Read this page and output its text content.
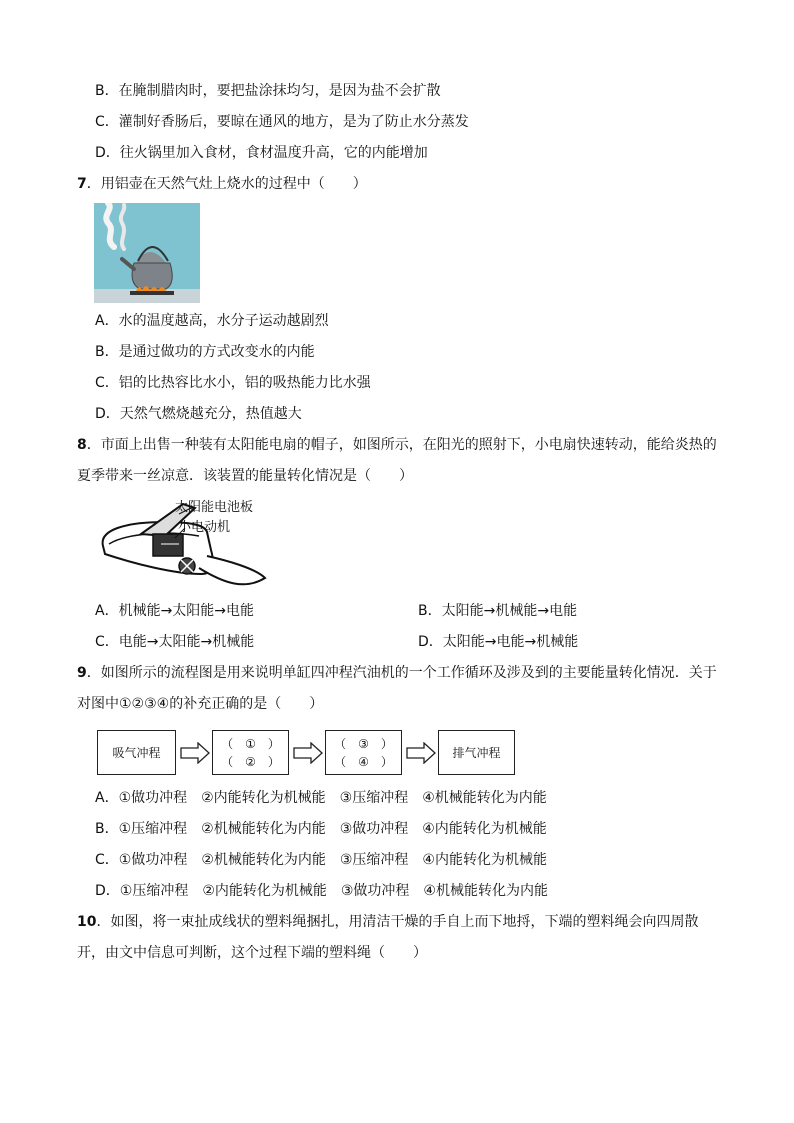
B．在腌制腊肉时，要把盐涂抹均匀，是因为盐不会扩散
C．灌制好香肠后，要晾在通风的地方，是为了防止水分蒸发
D．往火锅里加入食材，食材温度升高，它的内能增加
7．用铝壶在天然气灶上烧水的过程中（　　）
A．水的温度越高，水分子运动越剧烈
B．是通过做功的方式改变水的内能
C．铝的比热容比水小，铝的吸热能力比水强
D．天然气燃烧越充分，热值越大
8．市面上出售一种装有太阳能电扇的帽子，如图所示，在阳光的照射下，小电扇快速转动，能给炎热的
夏季带来一丝凉意．该装置的能量转化情况是（　　）
太阳能电池板
小电动机
A．机械能→太阳能→电能	B．太阳能→机械能→电能
C．电能→太阳能→机械能	D．太阳能→电能→机械能
9．如图所示的流程图是用来说明单缸四冲程汽油机的一个工作循环及涉及到的主要能量转化情况．关于
对图中①②③④的补充正确的是（　　）
吸气冲程
（　①　）
（　②　）
（　③　）
（　④　）
排气冲程
A．①做功冲程　②内能转化为机械能　③压缩冲程　④机械能转化为内能
B．①压缩冲程　②机械能转化为内能　③做功冲程　④内能转化为机械能
C．①做功冲程　②机械能转化为内能　③压缩冲程　④内能转化为机械能
D．①压缩冲程　②内能转化为机械能　③做功冲程　④机械能转化为内能
10．如图，将一束扯成线状的塑料绳捆扎，用清洁干燥的手自上而下地捋，下端的塑料绳会向四周散
开，由文中信息可判断，这个过程下端的塑料绳（　　）
